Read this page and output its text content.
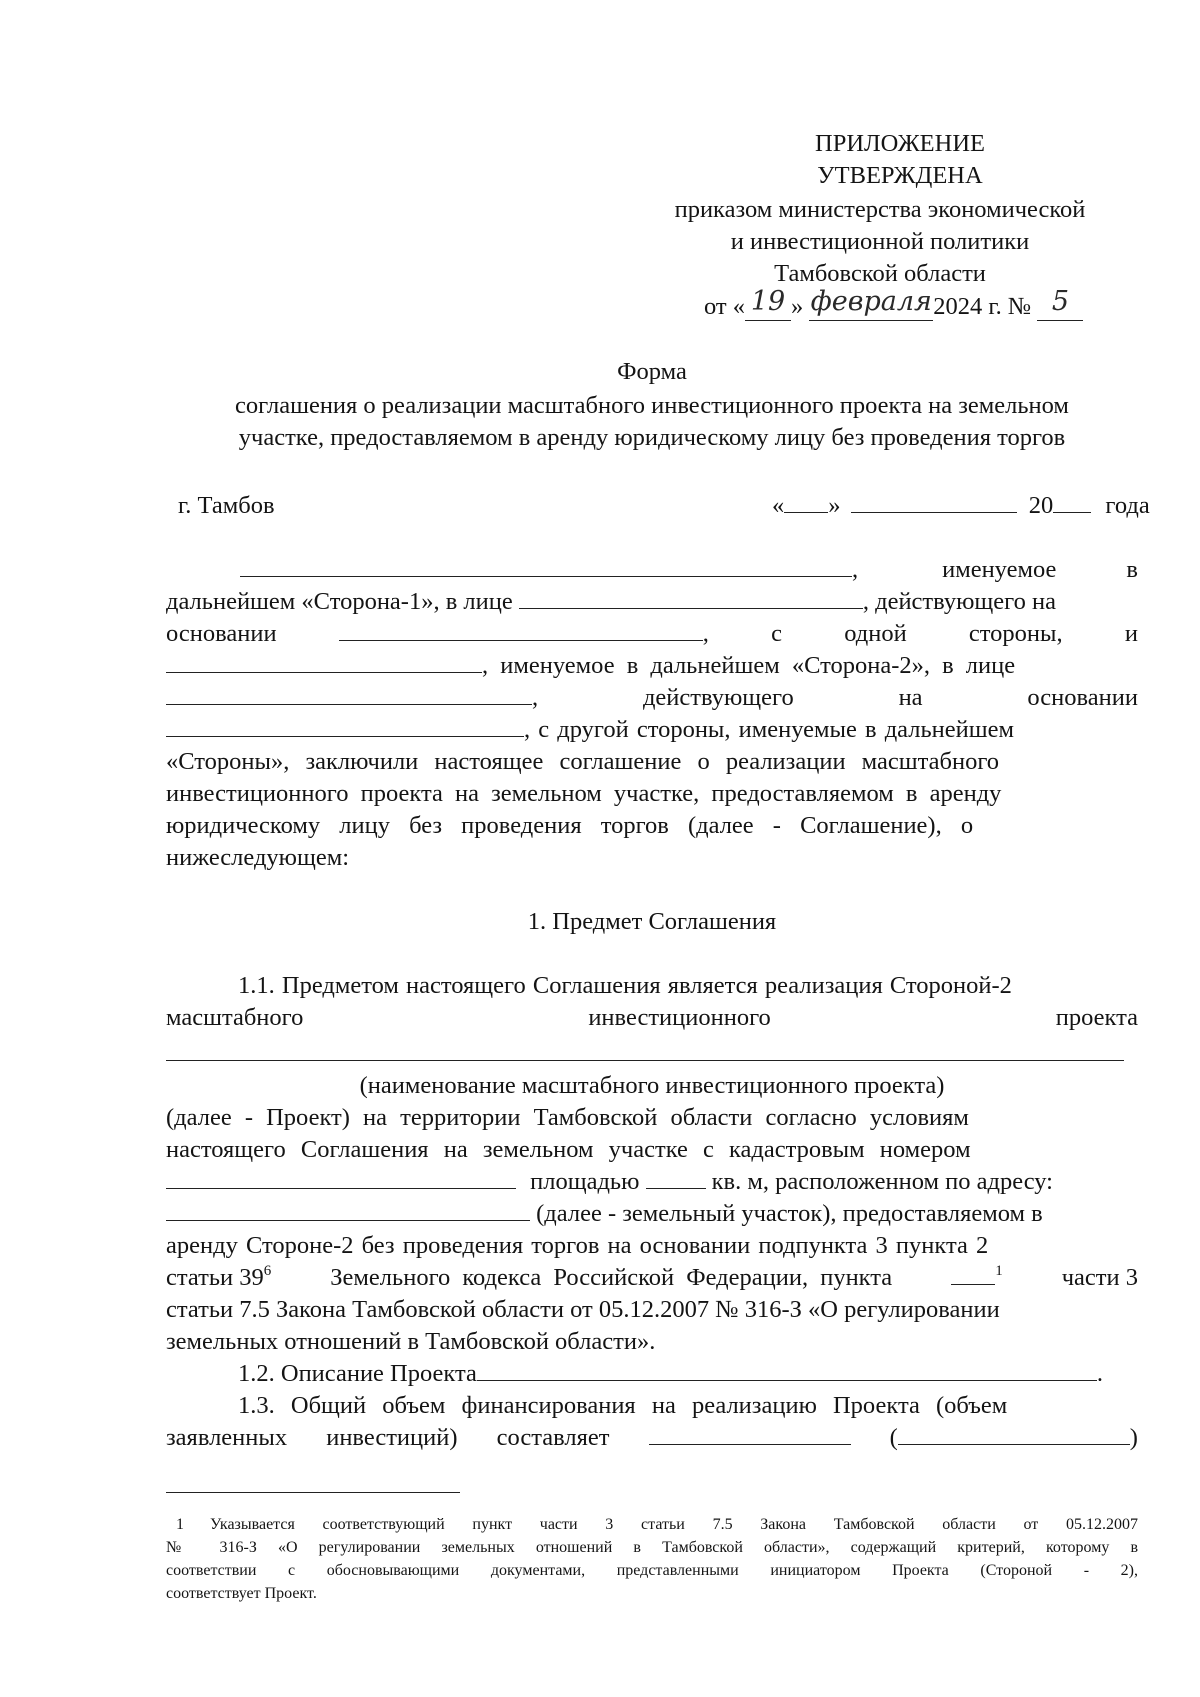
ПРИЛОЖЕНИЕ
УТВЕРЖДЕНА
приказом министерства экономической
и инвестиционной политики
Тамбовской области
от « 19 » февраля2024 г. № 5
Форма
соглашения о реализации масштабного инвестиционного проекта на земельном
участке, предоставляемом в аренду юридическому лицу без проведения торгов
г. Тамбов	« »	20 года
,	именуемое	в
дальнейшем «Сторона-1», в лице	, действующего на
основании	,	с	одной	стороны,	и
, именуемое в дальнейшем «Сторона-2», в лице
,	действующего	на	основании
, с другой стороны, именуемые в дальнейшем
«Стороны», заключили настоящее соглашение о реализации масштабного
инвестиционного проекта на земельном участке, предоставляемом в аренду
юридическому лицу без проведения торгов (далее - Соглашение), о
нижеследующем:
1. Предмет Соглашения
1.1. Предметом настоящего Соглашения является реализация Стороной-2
масштабного	инвестиционного	проекта
(наименование масштабного инвестиционного проекта)
(далее - Проект) на территории Тамбовской области согласно условиям
настоящего Соглашения на земельном участке с кадастровым номером
площадью	кв. м, расположенном по адресу:
(далее - земельный участок), предоставляемом в
аренду Стороне-2 без проведения торгов на основании подпункта 3 пункта 2
статьи $39^6$ Земельного кодекса Российской Федерации, пункта	$^1$ части 3
статьи 7.5 Закона Тамбовской области от 05.12.2007 № 316-З «О регулировании
земельных отношений в Тамбовской области».
1.2. Описание Проекта	.
1.3. Общий объем финансирования на реализацию Проекта (объем
заявленных инвестиций) составляет	(	)
1 Указывается соответствующий пункт части 3 статьи 7.5 Закона Тамбовской области от 05.12.2007
№ 316-З «О регулировании земельных отношений в Тамбовской области», содержащий критерий, которому в
соответствии с обосновывающими документами, представленными инициатором Проекта (Стороной - 2),
соответствует Проект.
